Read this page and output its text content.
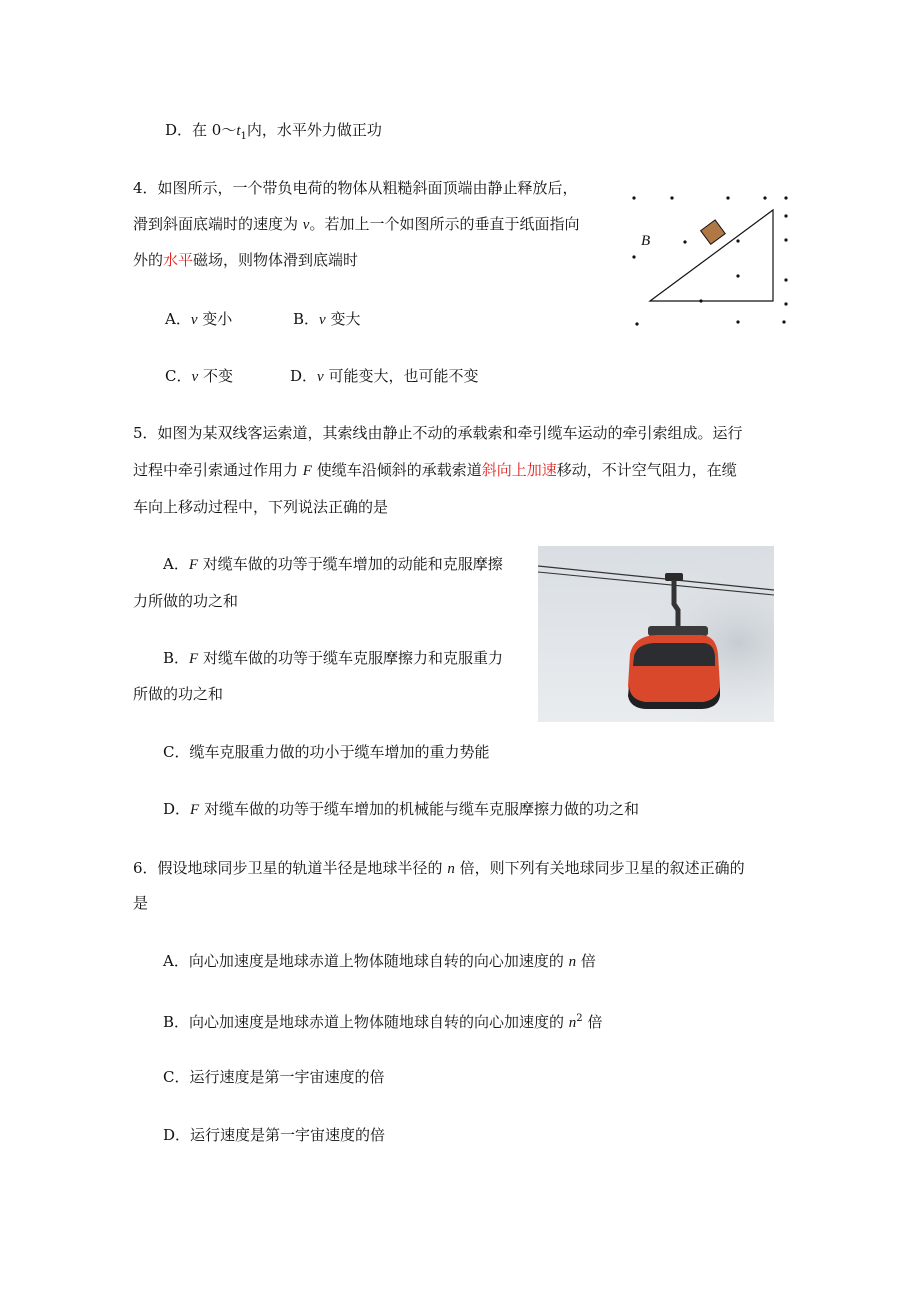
D．在 $0\sim t_1$内，水平外力做正功
4．如图所示，一个带负电荷的物体从粗糙斜面顶端由静止释放后，
滑到斜面底端时的速度为 v。若加上一个如图所示的垂直于纸面指向
外的水平磁场，则物体滑到底端时
B
A．v 变小	B．v 变大
C．v 不变	D．v 可能变大，也可能不变
5．如图为某双线客运索道，其索线由静止不动的承载索和牵引缆车运动的牵引索组成。运行
过程中牵引索通过作用力 F 使缆车沿倾斜的承载索道斜向上加速移动，不计空气阻力，在缆
车向上移动过程中，下列说法正确的是
A．F 对缆车做的功等于缆车增加的动能和克服摩擦
力所做的功之和
B．F 对缆车做的功等于缆车克服摩擦力和克服重力
所做的功之和
C．缆车克服重力做的功小于缆车增加的重力势能
D．F 对缆车做的功等于缆车增加的机械能与缆车克服摩擦力做的功之和
6．假设地球同步卫星的轨道半径是地球半径的 n 倍，则下列有关地球同步卫星的叙述正确的
是
A．向心加速度是地球赤道上物体随地球自转的向心加速度的 n 倍
B．向心加速度是地球赤道上物体随地球自转的向心加速度的 $n^2$ 倍
C．运行速度是第一宇宙速度的倍
D．运行速度是第一宇宙速度的倍
